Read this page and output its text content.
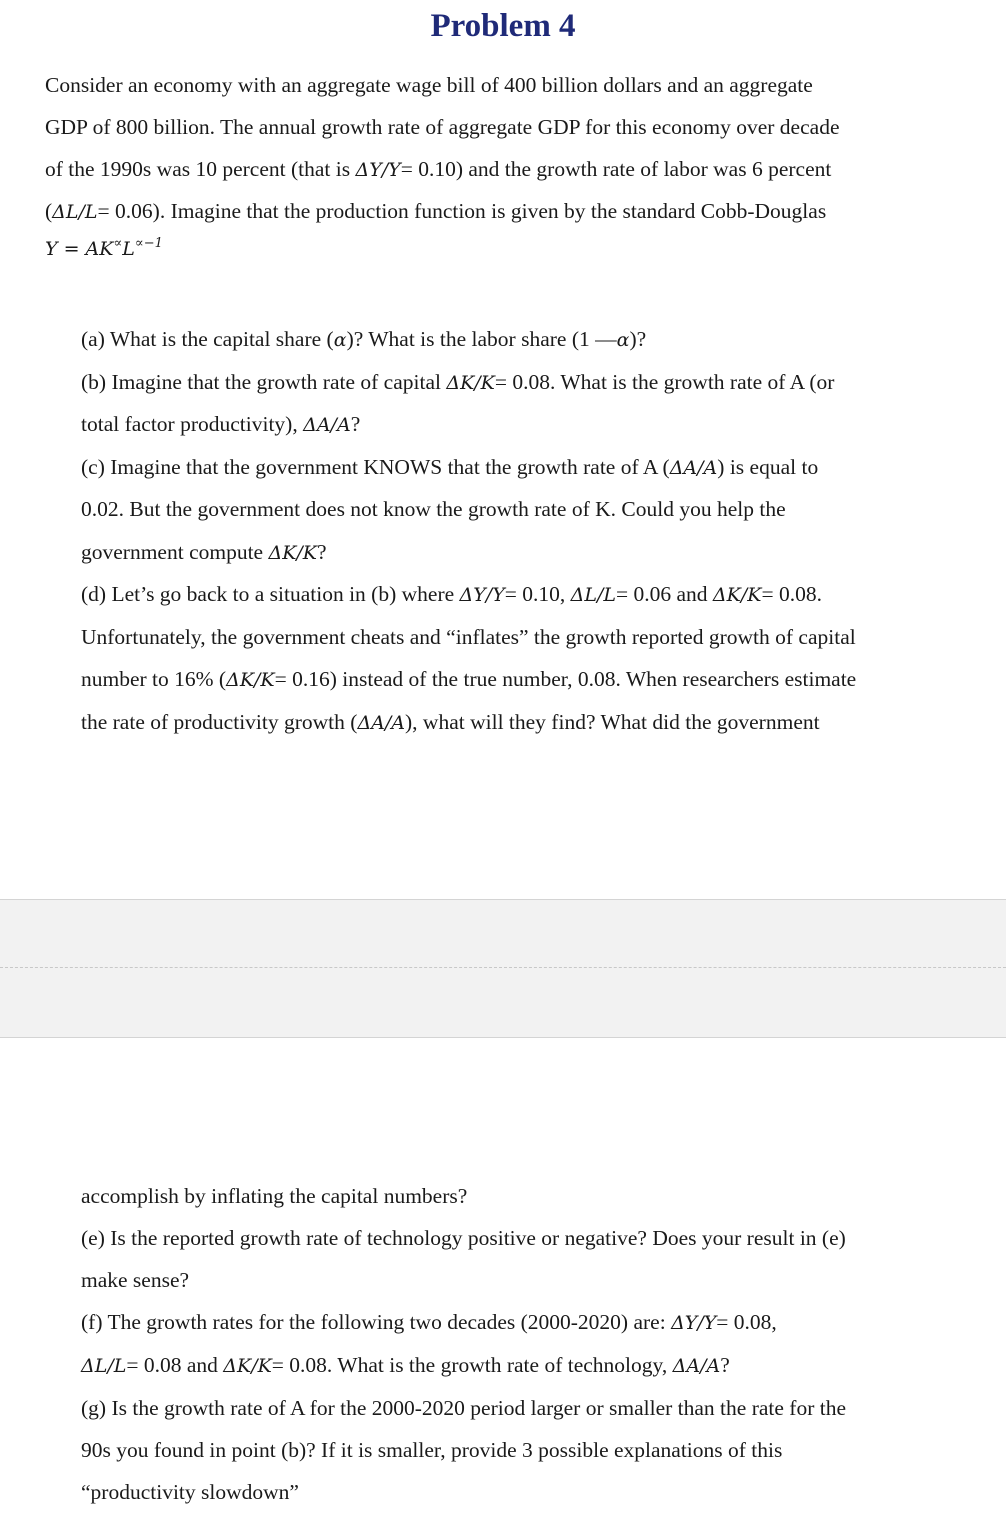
Problem 4
Consider an economy with an aggregate wage bill of 400 billion dollars and an aggregate
GDP of 800 billion. The annual growth rate of aggregate GDP for this economy over decade
of the 1990s was 10 percent (that is ΔY/Y= 0.10) and the growth rate of labor was 6 percent
(ΔL/L= 0.06). Imagine that the production function is given by the standard Cobb-Douglas
$Y = AK^\propto L^{\propto-1}$
(a) What is the capital share (α)? What is the labor share (1 —α)?
(b) Imagine that the growth rate of capital ΔK/K= 0.08. What is the growth rate of A (or
total factor productivity), ΔA/A?
(c) Imagine that the government KNOWS that the growth rate of A (ΔA/A) is equal to
0.02. But the government does not know the growth rate of K. Could you help the
government compute ΔK/K?
(d) Let’s go back to a situation in (b) where ΔY/Y= 0.10, ΔL/L= 0.06 and ΔK/K= 0.08.
Unfortunately, the government cheats and “inflates” the growth reported growth of capital
number to 16% (ΔK/K= 0.16) instead of the true number, 0.08. When researchers estimate
the rate of productivity growth (ΔA/A), what will they find? What did the government
accomplish by inflating the capital numbers?
(e) Is the reported growth rate of technology positive or negative? Does your result in (e)
make sense?
(f) The growth rates for the following two decades (2000-2020) are: ΔY/Y= 0.08,
ΔL/L= 0.08 and ΔK/K= 0.08. What is the growth rate of technology, ΔA/A?
(g) Is the growth rate of A for the 2000-2020 period larger or smaller than the rate for the
90s you found in point (b)? If it is smaller, provide 3 possible explanations of this
“productivity slowdown”
